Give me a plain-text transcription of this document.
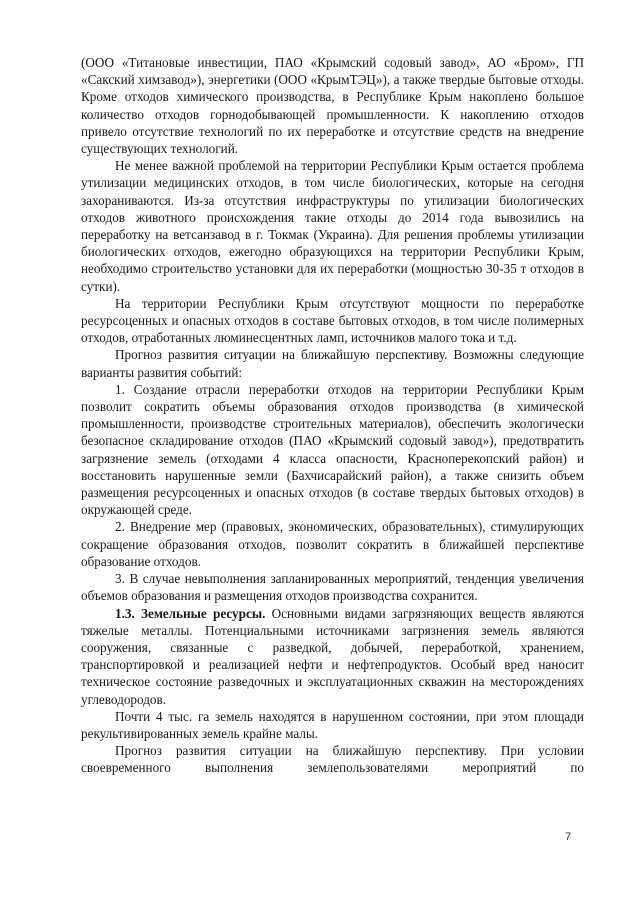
(ООО «Титановые инвестиции, ПАО «Крымский содовый завод», АО «Бром», ГП «Сакский химзавод»), энергетики (ООО «КрымТЭЦ»), а также твердые бытовые отходы. Кроме отходов химического производства, в Республике Крым накоплено большое количество отходов горнодобывающей промышленности. К накоплению отходов привело отсутствие технологий по их переработке и отсутствие средств на внедрение существующих технологий.

Не менее важной проблемой на территории Республики Крым остается проблема утилизации медицинских отходов, в том числе биологических, которые на сегодня захораниваются. Из-за отсутствия инфраструктуры по утилизации биологических отходов животного происхождения такие отходы до 2014 года вывозились на переработку на ветсанзавод в г. Токмак (Украина). Для решения проблемы утилизации биологических отходов, ежегодно образующихся на территории Республики Крым, необходимо строительство установки для их переработки (мощностью 30-35 т отходов в сутки).

На территории Республики Крым отсутствуют мощности по переработке ресурсоценных и опасных отходов в составе бытовых отходов, в том числе полимерных отходов, отработанных люминесцентных ламп, источников малого тока и т.д.

Прогноз развития ситуации на ближайшую перспективу. Возможны следующие варианты развития событий:

1. Создание отрасли переработки отходов на территории Республики Крым позволит сократить объемы образования отходов производства (в химической промышленности, производстве строительных материалов), обеспечить экологически безопасное складирование отходов (ПАО «Крымский содовый завод»), предотвратить загрязнение земель (отходами 4 класса опасности, Красноперекопский район) и восстановить нарушенные земли (Бахчисарайский район), а также снизить объем размещения ресурсоценных и опасных отходов (в составе твердых бытовых отходов) в окружающей среде.

2. Внедрение мер (правовых, экономических, образовательных), стимулирующих сокращение образования отходов, позволит сократить в ближайшей перспективе образование отходов.

3. В случае невыполнения запланированных мероприятий, тенденция увеличения объемов образования и размещения отходов производства сохранится.

1.3. Земельные ресурсы. Основными видами загрязняющих веществ являются тяжелые металлы. Потенциальными источниками загрязнения земель являются сооружения, связанные с разведкой, добычей, переработкой, хранением, транспортировкой и реализацией нефти и нефтепродуктов. Особый вред наносит техническое состояние разведочных и эксплуатационных скважин на месторождениях углеводородов.

Почти 4 тыс. га земель находятся в нарушенном состоянии, при этом площади рекультивированных земель крайне малы.

Прогноз развития ситуации на ближайшую перспективу. При условии своевременного выполнения землепользователями мероприятий по

7
